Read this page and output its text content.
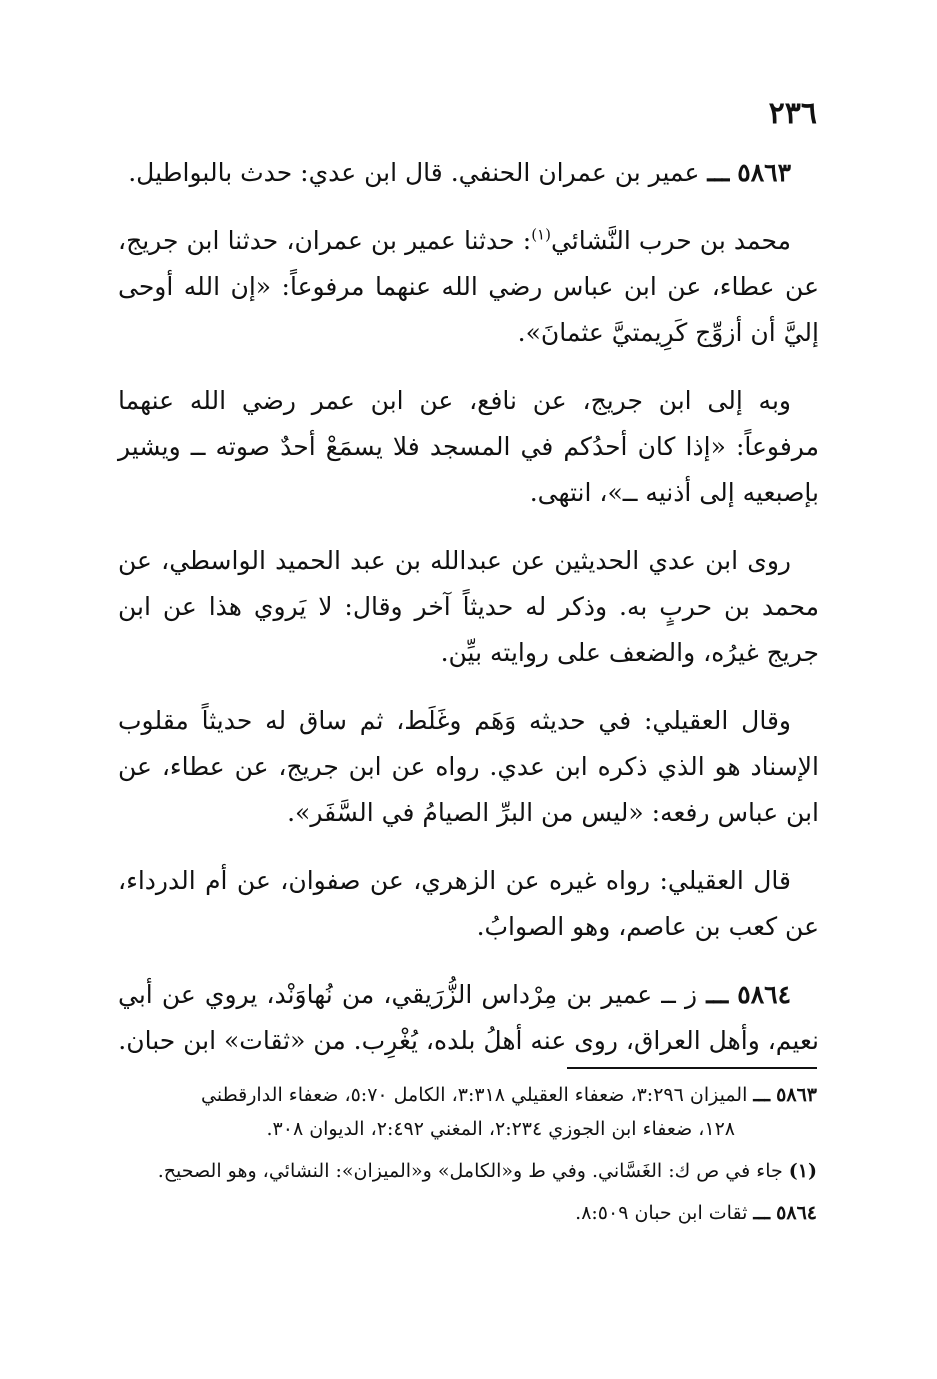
٢٣٦

٥٨٦٣ ـــ عمير بن عمران الحنفي. قال ابن عدي: حدث بالبواطيل.

محمد بن حرب النَّشائي$^{(١)}$: حدثنا عمير بن عمران، حدثنا ابن جريج، عن عطاء، عن ابن عباس رضي الله عنهما مرفوعاً: «إن الله أوحى إليَّ أن أزوِّج كَرِيمتيَّ عثمانَ».

وبه إلى ابن جريج، عن نافع، عن ابن عمر رضي الله عنهما مرفوعاً: «إذا كان أحدُكم في المسجد فلا يسمَعْ أحدٌ صوته ــ ويشير بإصبعيه إلى أذنيه ــ»، انتهى.

روى ابن عدي الحديثين عن عبدالله بن عبد الحميد الواسطي، عن محمد بن حربٍ به. وذكر له حديثاً آخر وقال: لا يَروي هذا عن ابن جريج غيرُه، والضعف على روايته بيِّن.

وقال العقيلي: في حديثه وَهَم وغَلَط، ثم ساق له حديثاً مقلوب الإسناد هو الذي ذكره ابن عدي. رواه عن ابن جريج، عن عطاء، عن ابن عباس رفعه: «ليس من البرِّ الصيامُ في السَّفَر».

قال العقيلي: رواه غيره عن الزهري، عن صفوان، عن أم الدرداء، عن كعب بن عاصم، وهو الصوابُ.

٥٨٦٤ ـــ ز ــ عمير بن مِرْداس الزُّرَيقي، من نُهاوَنْد، يروي عن أبي نعيم، وأهل العراق، روى عنه أهلُ بلده، يُغْرِب. من «ثقات» ابن حبان.

٥٨٦٣ ـــ الميزان ٣:٢٩٦، ضعفاء العقيلي ٣:٣١٨، الكامل ٥:٧٠، ضعفاء الدارقطني
١٢٨، ضعفاء ابن الجوزي ٢:٢٣٤، المغني ٢:٤٩٢، الديوان ٣٠٨.
(١) جاء في ص ك: الغَسَّاني. وفي ط و«الكامل» و«الميزان»: النشائي، وهو الصحيح.
٥٨٦٤ ـــ ثقات ابن حبان ٨:٥٠٩.
